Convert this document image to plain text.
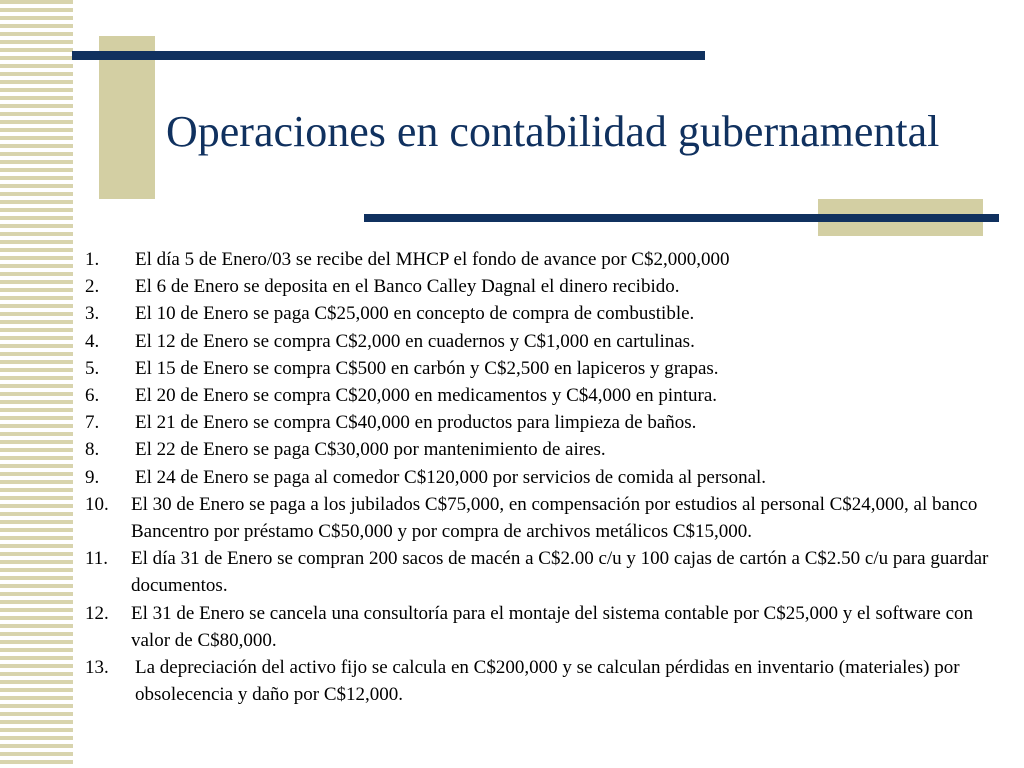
Operaciones en contabilidad gubernamental
1.	El día 5 de Enero/03 se recibe del MHCP el fondo de avance por C$2,000,000
2.	El 6 de Enero se deposita en el Banco Calley Dagnal el dinero recibido.
3.	El 10 de Enero se paga C$25,000 en concepto de compra de combustible.
4.	El 12 de Enero se compra C$2,000 en cuadernos y C$1,000 en cartulinas.
5.	El 15 de Enero se compra C$500 en carbón y C$2,500 en lapiceros y grapas.
6.	El 20 de Enero se compra C$20,000 en medicamentos y C$4,000 en pintura.
7.	El 21 de Enero se compra C$40,000 en productos para limpieza de baños.
8.	El 22 de Enero se paga C$30,000 por mantenimiento de aires.
9.	El 24 de Enero se paga al comedor C$120,000 por servicios de comida al personal.
10.	El 30 de Enero se paga a los jubilados C$75,000, en compensación por estudios al personal C$24,000, al banco Bancentro por préstamo C$50,000 y por compra de archivos metálicos C$15,000.
11.	El día 31 de Enero se compran 200 sacos de macén a C$2.00 c/u y 100 cajas de cartón a C$2.50 c/u para guardar documentos.
12.	El 31 de Enero se cancela una consultoría para el montaje del sistema contable por C$25,000 y el software con valor de C$80,000.
13.	La depreciación del activo fijo se calcula en C$200,000 y se calculan pérdidas en inventario (materiales) por obsolecencia y daño por C$12,000.
